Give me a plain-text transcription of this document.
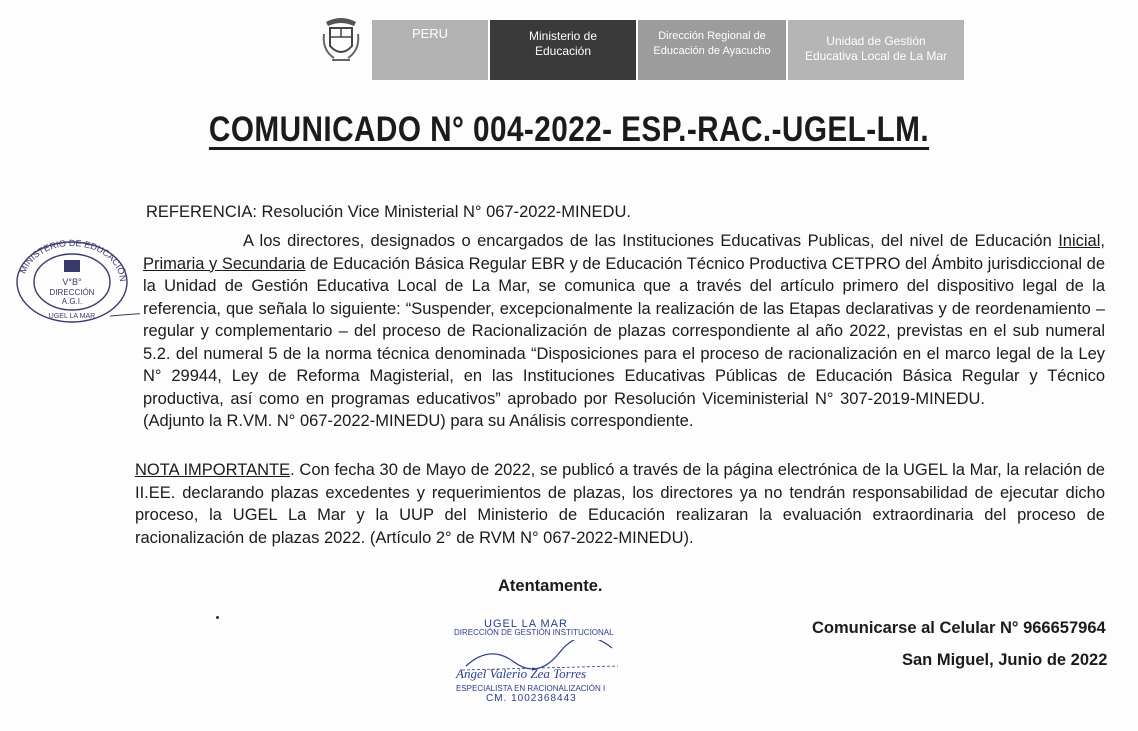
PERU	Ministerio de
Educación
Dirección Regional de
Educación de Ayacucho
Unidad de Gestión
Educativa Local de La Mar
COMUNICADO N° 004-2022- ESP.-RAC.-UGEL-LM.
REFERENCIA: Resolución Vice Ministerial N° 067-2022-MINEDU.

A los directores, designados o encargados de las Instituciones Educativas Publicas, del nivel de Educación Inicial, Primaria y Secundaria de Educación Básica Regular EBR y de Educación Técnico Productiva CETPRO del Ámbito jurisdiccional de la Unidad de Gestión Educativa Local de La Mar, se comunica que a través del artículo primero del dispositivo legal de la referencia, que señala lo siguiente: “Suspender, excepcionalmente la realización de las Etapas declarativas y de reordenamiento – regular y complementario – del proceso de Racionalización de plazas correspondiente al año 2022, previstas en el sub numeral 5.2. del numeral 5 de la norma técnica denominada “Disposiciones para el proceso de racionalización en el marco legal de la Ley N° 29944, Ley de Reforma Magisterial, en las Instituciones Educativas Públicas de Educación Básica Regular y Técnico productiva, así como en programas educativos” aprobado por Resolución Viceministerial N° 307-2019-MINEDU.(Adjunto la R.VM. N° 067-2022-MINEDU) para su Análisis correspondiente.

NOTA IMPORTANTE. Con fecha 30 de Mayo de 2022, se publicó a través de la página electrónica de la UGEL la Mar, la relación de II.EE. declarando plazas excedentes y requerimientos de plazas, los directores ya no tendrán responsabilidad de ejecutar dicho proceso, la UGEL La Mar y la UUP del Ministerio de Educación realizaran la evaluación extraordinaria del proceso de racionalización de plazas 2022. (Artículo 2° de RVM N° 067-2022-MINEDU).
Atentamente.
Comunicarse al Celular N° 966657964
San Miguel, Junio de 2022
MINISTERIO DE EDUCACIÓN
V°B°
DIRECCIÓN
A.G.I.
UGEL LA MAR
UGEL LA MAR
DIRECCIÓN DE GESTIÓN INSTITUCIONAL
Angel Valerio Zea Torres
ESPECIALISTA EN RACIONALIZACIÓN I
CM. 1002368443
